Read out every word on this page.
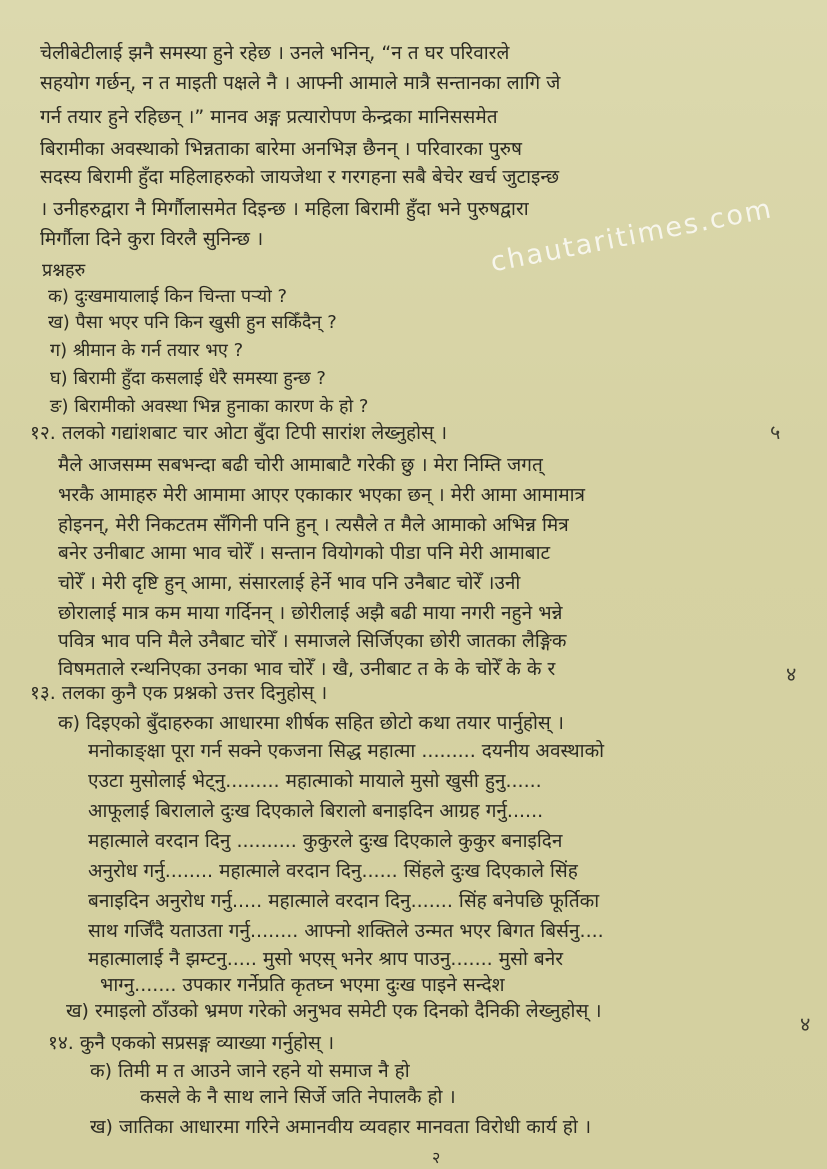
चेलीबेटीलाई झनै समस्या हुने रहेछ । उनले भनिन्, “न त घर परिवारले
सहयोग गर्छन्, न त माइती पक्षले नै । आफ्नी आमाले मात्रै सन्तानका लागि जे
गर्न तयार हुने रहिछन् ।” मानव अङ्ग प्रत्यारोपण केन्द्रका मानिससमेत
बिरामीका अवस्थाको भिन्नताका बारेमा अनभिज्ञ छैनन् । परिवारका पुरुष
सदस्य बिरामी हुँदा महिलाहरुको जायजेथा र गरगहना सबै बेचेर खर्च जुटाइन्छ
। उनीहरुद्वारा नै मिर्गौलासमेत दिइन्छ । महिला बिरामी हुँदा भने पुरुषद्वारा
मिर्गौला दिने कुरा विरलै सुनिन्छ ।
प्रश्नहरु
क) दुःखमायालाई किन चिन्ता पर्‍यो ?
ख) पैसा भएर पनि किन खुसी हुन सकिँदैन् ?
ग) श्रीमान के गर्न तयार भए ?
घ) बिरामी हुँदा कसलाई धेरै समस्या हुन्छ ?
ङ) बिरामीको अवस्था भिन्न हुनाका कारण के हो ?
chautaritimes.com
१२. तलको गद्यांशबाट चार ओटा बुँदा टिपी सारांश लेख्नुहोस् ।	५
मैले आजसम्म सबभन्दा बढी चोरी आमाबाटै गरेकी छु । मेरा निम्ति जगत्
भरकै आमाहरु मेरी आमामा आएर एकाकार भएका छन् । मेरी आमा आमामात्र
होइनन्, मेरी निकटतम सँगिनी पनि हुन् । त्यसैले त मैले आमाको अभिन्न मित्र
बनेर उनीबाट आमा भाव चोरेँ । सन्तान वियोगको पीडा पनि मेरी आमाबाट
चोरेँ । मेरी दृष्टि हुन् आमा, संसारलाई हेर्ने भाव पनि उनैबाट चोरेँ ।उनी
छोरालाई मात्र कम माया गर्दिनन् । छोरीलाई अझै बढी माया नगरी नहुने भन्ने
पवित्र भाव पनि मैले उनैबाट चोरेँ । समाजले सिर्जिएका छोरी जातका लैङ्गिक
विषमताले रन्थनिएका उनका भाव चोरेँ । खै, उनीबाट त के के चोरेँ के के र	४
१३. तलका कुनै एक प्रश्नको उत्तर दिनुहोस् ।
क) दिइएको बुँदाहरुका आधारमा शीर्षक सहित छोटो कथा तयार पार्नुहोस् ।
मनोकाङ्क्षा पूरा गर्न सक्ने एकजना सिद्ध महात्मा ......... दयनीय अवस्थाको
एउटा मुसोलाई भेट्नु......... महात्माको मायाले मुसो खुसी हुनु......
आफूलाई बिरालाले दुःख दिएकाले बिरालो बनाइदिन आग्रह गर्नु......
महात्माले वरदान दिनु .......... कुकुरले दुःख दिएकाले कुकुर बनाइदिन
अनुरोध गर्नु........ महात्माले वरदान दिनु...... सिंहले दुःख दिएकाले सिंह
बनाइदिन अनुरोध गर्नु..... महात्माले वरदान दिनु....... सिंह बनेपछि फूर्तिका
साथ गर्जिँदै यताउता गर्नु........ आफ्नो शक्तिले उन्मत भएर बिगत बिर्सनु....
महात्मालाई नै झम्टनु..... मुसो भएस् भनेर श्राप पाउनु....... मुसो बनेर
भाग्नु....... उपकार गर्नेप्रति कृतघ्न भएमा दुःख पाइने सन्देश
ख) रमाइलो ठाँउको भ्रमण गरेको अनुभव समेटी एक दिनको दैनिकी लेख्नुहोस् ।
४
१४. कुनै एकको सप्रसङ्ग व्याख्या गर्नुहोस् ।
क) तिमी म त आउने जाने रहने यो समाज नै हो
कसले के नै साथ लाने सिर्जे जति नेपालकै हो ।
ख) जातिका आधारमा गरिने अमानवीय व्यवहार मानवता विरोधी कार्य हो ।
२
